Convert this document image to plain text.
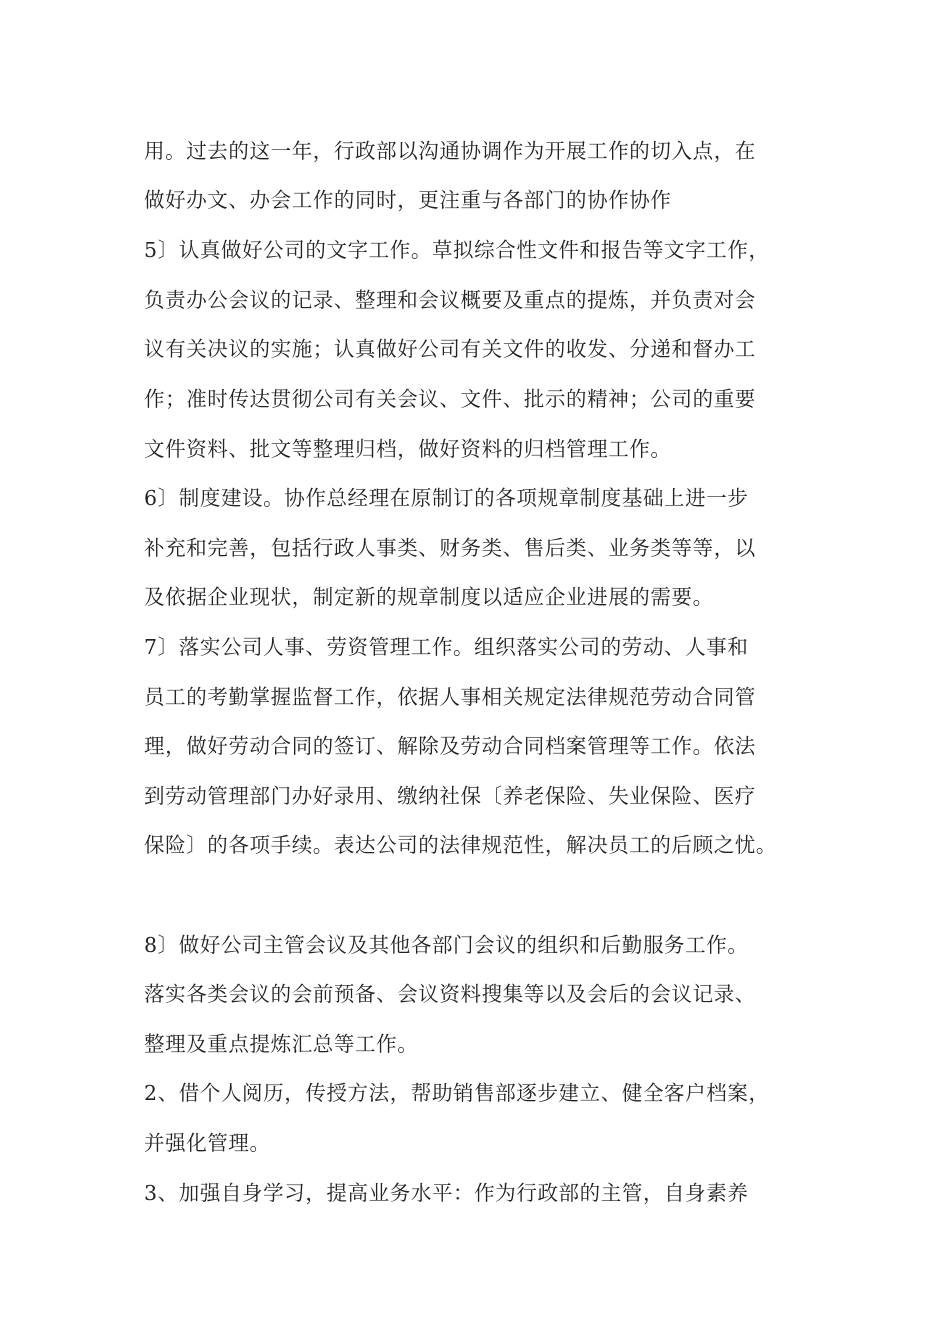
用。过去的这一年，行政部以沟通协调作为开展工作的切入点，在
做好办文、办会工作的同时，更注重与各部门的协作协作
5〕认真做好公司的文字工作。草拟综合性文件和报告等文字工作，
负责办公会议的记录、整理和会议概要及重点的提炼，并负责对会
议有关决议的实施；认真做好公司有关文件的收发、分递和督办工
作；准时传达贯彻公司有关会议、文件、批示的精神；公司的重要
文件资料、批文等整理归档，做好资料的归档管理工作。
6〕制度建设。协作总经理在原制订的各项规章制度基础上进一步
补充和完善，包括行政人事类、财务类、售后类、业务类等等，以
及依据企业现状，制定新的规章制度以适应企业进展的需要。
7〕落实公司人事、劳资管理工作。组织落实公司的劳动、人事和
员工的考勤掌握监督工作，依据人事相关规定法律规范劳动合同管
理，做好劳动合同的签订、解除及劳动合同档案管理等工作。依法
到劳动管理部门办好录用、缴纳社保〔养老保险、失业保险、医疗
保险〕的各项手续。表达公司的法律规范性，解决员工的后顾之忧。
8〕做好公司主管会议及其他各部门会议的组织和后勤服务工作。
落实各类会议的会前预备、会议资料搜集等以及会后的会议记录、
整理及重点提炼汇总等工作。
2、借个人阅历，传授方法，帮助销售部逐步建立、健全客户档案，
并强化管理。
3、加强自身学习，提高业务水平：作为行政部的主管，自身素养
